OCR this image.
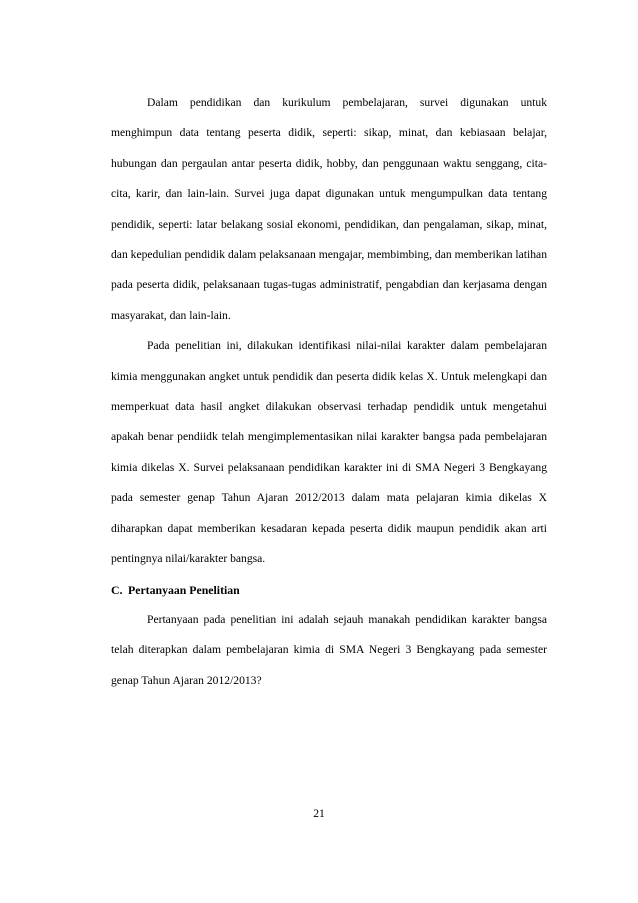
Dalam pendidikan dan kurikulum pembelajaran, survei digunakan untuk menghimpun data tentang peserta didik, seperti: sikap, minat, dan kebiasaan belajar, hubungan dan pergaulan antar peserta didik, hobby, dan penggunaan waktu senggang, cita-cita, karir, dan lain-lain. Survei juga dapat digunakan untuk mengumpulkan data tentang pendidik, seperti: latar belakang sosial ekonomi, pendidikan, dan pengalaman, sikap, minat, dan kepedulian pendidik dalam pelaksanaan mengajar, membimbing, dan memberikan latihan pada peserta didik, pelaksanaan tugas-tugas administratif, pengabdian dan kerjasama dengan masyarakat, dan lain-lain.

Pada penelitian ini, dilakukan identifikasi nilai-nilai karakter dalam pembelajaran kimia menggunakan angket untuk pendidik dan peserta didik kelas X. Untuk melengkapi dan memperkuat data hasil angket dilakukan observasi terhadap pendidik untuk mengetahui apakah benar pendiidk telah mengimplementasikan nilai karakter bangsa pada pembelajaran kimia dikelas X. Survei pelaksanaan pendidikan karakter ini di SMA Negeri 3 Bengkayang pada semester genap Tahun Ajaran 2012/2013 dalam mata pelajaran kimia dikelas X diharapkan dapat memberikan kesadaran kepada peserta didik maupun pendidik akan arti pentingnya nilai/karakter bangsa.

C. Pertanyaan Penelitian

Pertanyaan pada penelitian ini adalah sejauh manakah pendidikan karakter bangsa telah diterapkan dalam pembelajaran kimia di SMA Negeri 3 Bengkayang pada semester genap Tahun Ajaran 2012/2013?

21
